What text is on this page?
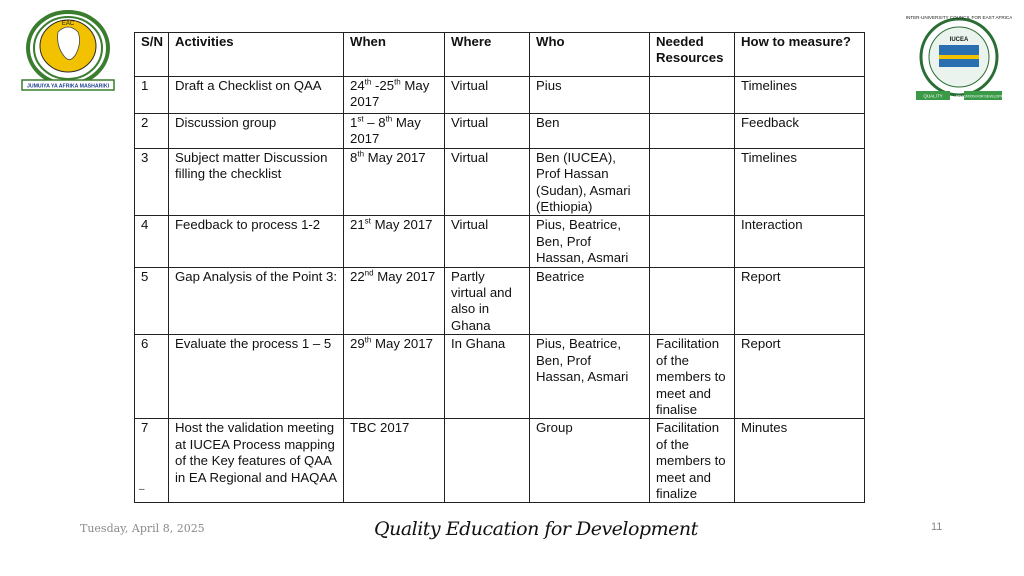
EAC
JUMUIYA YA AFRIKA MASHARIKI
IUCEA
INTER-UNIVERSITY COUNCIL FOR EAST AFRICA
QUALITY	EDUCATION FOR DEVELOPMENT
S/N	Activities	When	Where	Who	Needed Resources	How to measure?
1	Draft a Checklist on QAA	24th -25th May 2017	Virtual	Pius		Timelines
2	Discussion group	1st – 8th May 2017	Virtual	Ben		Feedback
3	Subject matter Discussion filling the checklist	8th May 2017	Virtual	Ben (IUCEA), Prof Hassan (Sudan), Asmari (Ethiopia)		Timelines
4	Feedback to process 1-2	21st May 2017	Virtual	Pius, Beatrice, Ben, Prof Hassan, Asmari		Interaction
5	Gap Analysis of the Point 3:	22nd May 2017	Partly virtual and also in Ghana	Beatrice		Report
6	Evaluate the process 1 – 5	29th May 2017	In Ghana	Pius, Beatrice, Ben, Prof Hassan, Asmari	Facilitation of the members to meet and finalise	Report
7	Host the validation meeting at IUCEA Process mapping of the Key features of QAA in EA Regional and HAQAA	TBC 2017		Group	Facilitation of the members to meet and finalize	Minutes
–
Tuesday, April 8, 2025	Quality Education for Development	11
